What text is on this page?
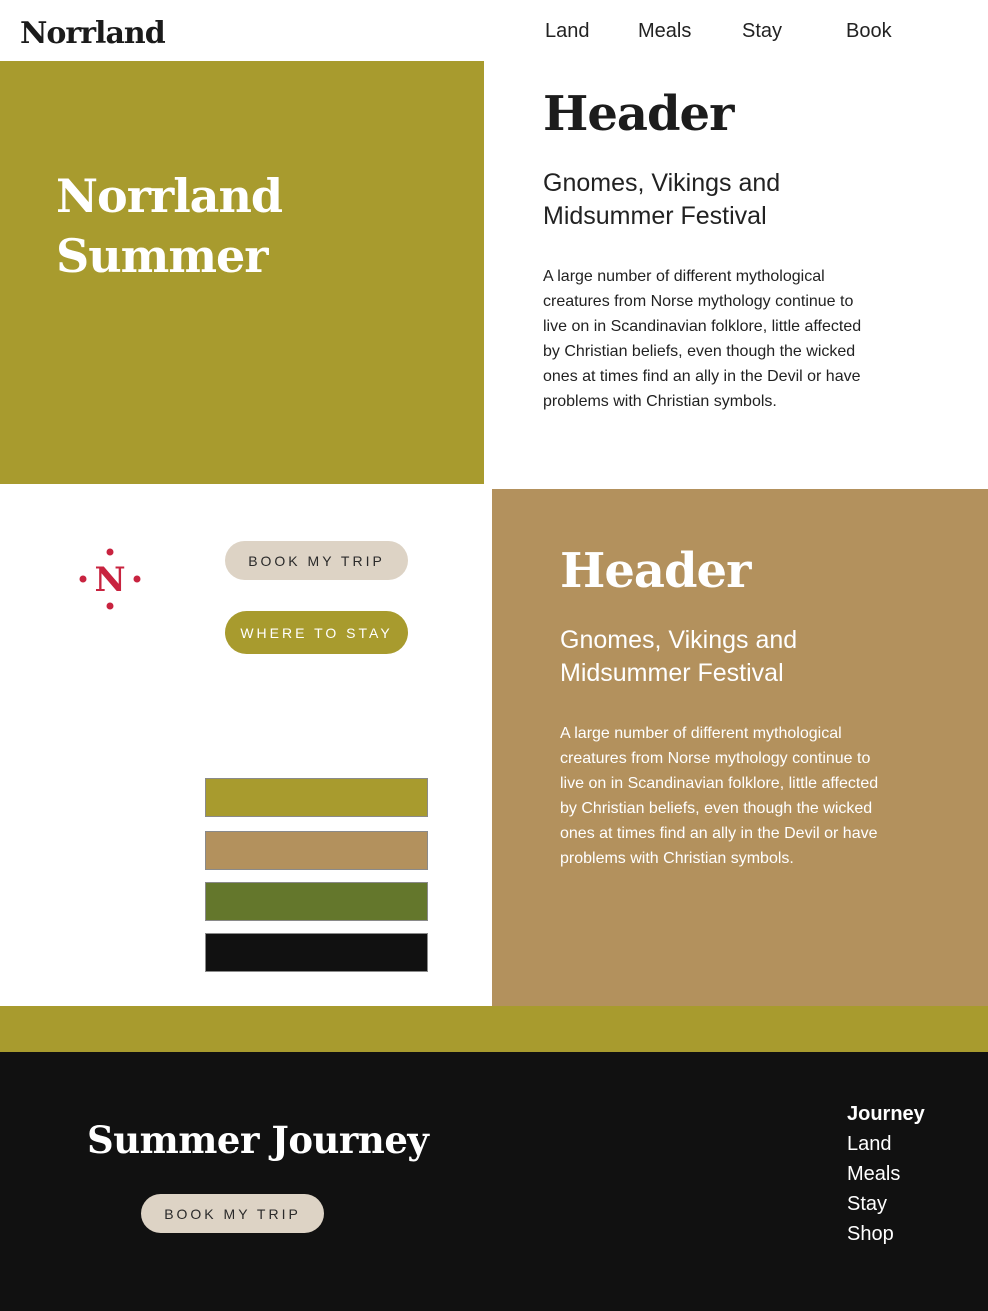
Norrland	Land Meals	Stay	Book
Norrland
Summer
Header
Gnomes, Vikings and Midsummer Festival
A large number of different mythological creatures from Norse mythology continue to live on in Scandinavian folklore, little affected by Christian beliefs, even though the wicked ones at times find an ally in the Devil or have problems with Christian symbols.
N	BOOK MY TRIP
WHERE TO STAY
Header
Gnomes, Vikings and Midsummer Festival
A large number of different mythological creatures from Norse mythology continue to live on in Scandinavian folklore, little affected by Christian beliefs, even though the wicked ones at times find an ally in the Devil or have problems with Christian symbols.
Summer Journey
BOOK MY TRIP
Journey
Land
Meals
Stay
Shop
